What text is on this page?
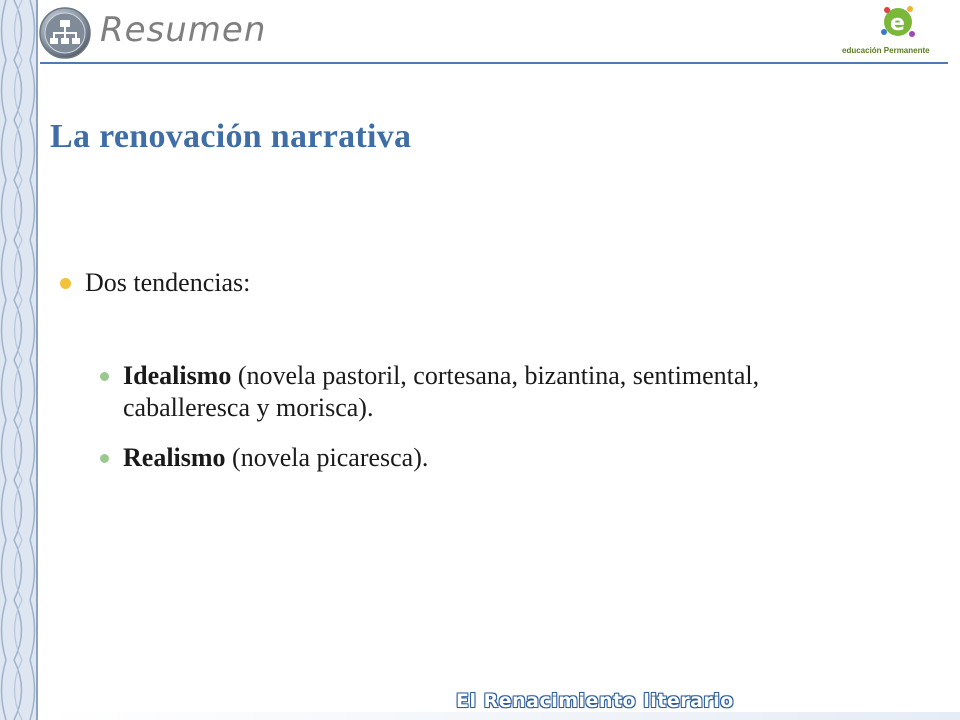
Resumen	e
educación Permanente
La renovación narrativa
Dos tendencias:
Idealismo (novela pastoril, cortesana, bizantina, sentimental, caballeresca y morisca).
Realismo (novela picaresca).
El Renacimiento literario
